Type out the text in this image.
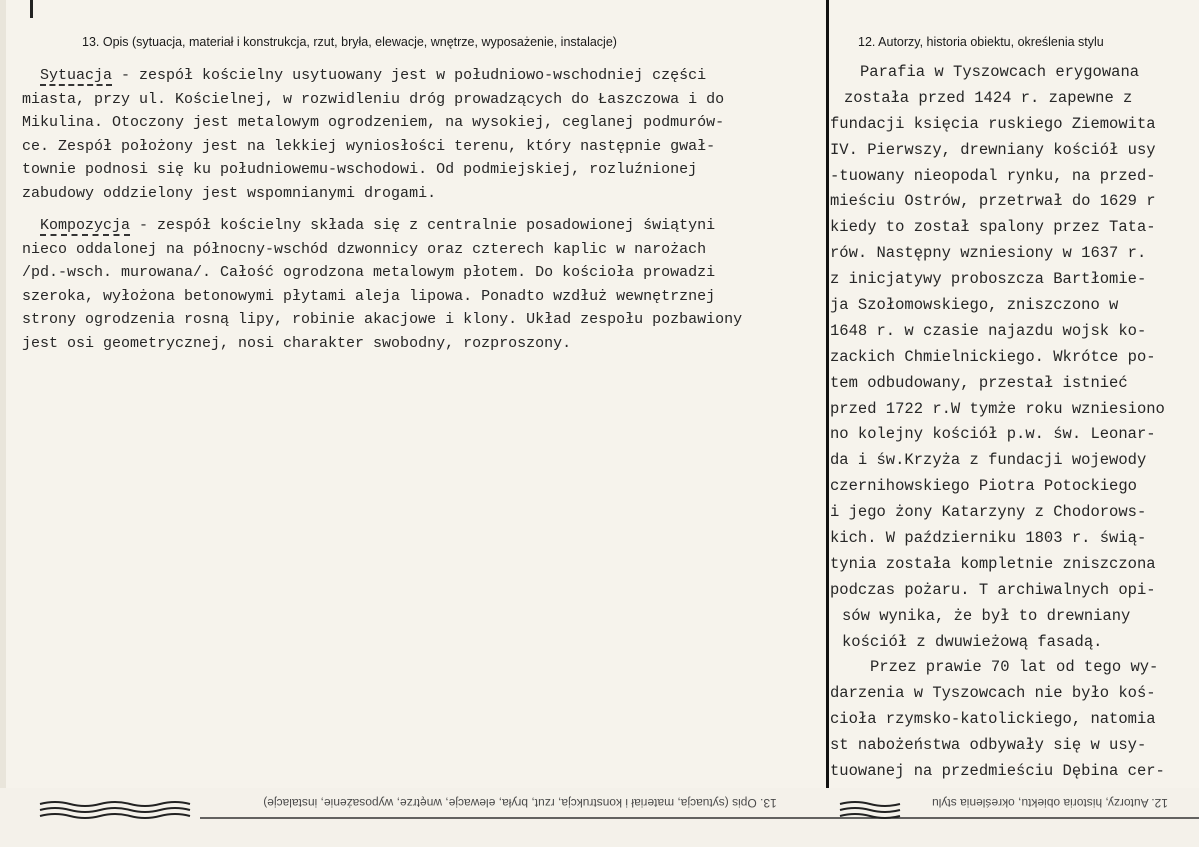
13. Opis (sytuacja, materiał i konstrukcja, rzut, bryła, elewacje, wnętrze, wyposażenie, instalacje)	12. Autorzy, historia obiektu, określenia stylu
Sytuacja - zespół kościelny usytuowany jest w południowo-wschodniej części
miasta, przy ul. Kościelnej, w rozwidleniu dróg prowadzących do Łaszczowa i do
Mikulina. Otoczony jest metalowym ogrodzeniem, na wysokiej, ceglanej podmurów-
ce. Zespół położony jest na lekkiej wyniosłości terenu, który następnie gwał-
townie podnosi się ku południowemu-wschodowi. Od podmiejskiej, rozluźnionej
zabudowy oddzielony jest wspomnianymi drogami.
Kompozycja - zespół kościelny składa się z centralnie posadowionej świątyni
nieco oddalonej na północny-wschód dzwonnicy oraz czterech kaplic w narożach
/pd.-wsch. murowana/. Całość ogrodzona metalowym płotem. Do kościoła prowadzi
szeroka, wyłożona betonowymi płytami aleja lipowa. Ponadto wzdłuż wewnętrznej
strony ogrodzenia rosną lipy, robinie akacjowe i klony. Układ zespołu pozbawiony
jest osi geometrycznej, nosi charakter swobodny, rozproszony.
Parafia w Tyszowcach erygowana
została przed 1424 r. zapewne z
fundacji księcia ruskiego Ziemowita
IV. Pierwszy, drewniany kościół usy
-tuowany nieopodal rynku, na przed-
mieściu Ostrów, przetrwał do 1629 r
kiedy to został spalony przez Tata-
rów. Następny wzniesiony w 1637 r.
z inicjatywy proboszcza Bartłomie-
ja Szołomowskiego, zniszczono w
1648 r. w czasie najazdu wojsk ko-
zackich Chmielnickiego. Wkrótce po-
tem odbudowany, przestał istnieć
przed 1722 r.W tymże roku wzniesiono
no kolejny kościół p.w. św. Leonar-
da i św.Krzyża z fundacji wojewody
czernihowskiego Piotra Potockiego
i jego żony Katarzyny z Chodorows-
kich. W październiku 1803 r. świą-
tynia została kompletnie zniszczona
podczas pożaru. T archiwalnych opi-
sów wynika, że był to drewniany
kościół z dwuwieżową fasadą.
Przez prawie 70 lat od tego wy-
darzenia w Tyszowcach nie było koś-
cioła rzymsko-katolickiego, natomia
st nabożeństwa odbywały się w usy-
tuowanej na przedmieściu Dębina cer-
13. Opis (sytuacja, materiał i konstrukcja, rzut, bryła, elewacje, wnętrze, wyposażenie, instalacje)	12. Autorzy, historia obiektu, określenia stylu
